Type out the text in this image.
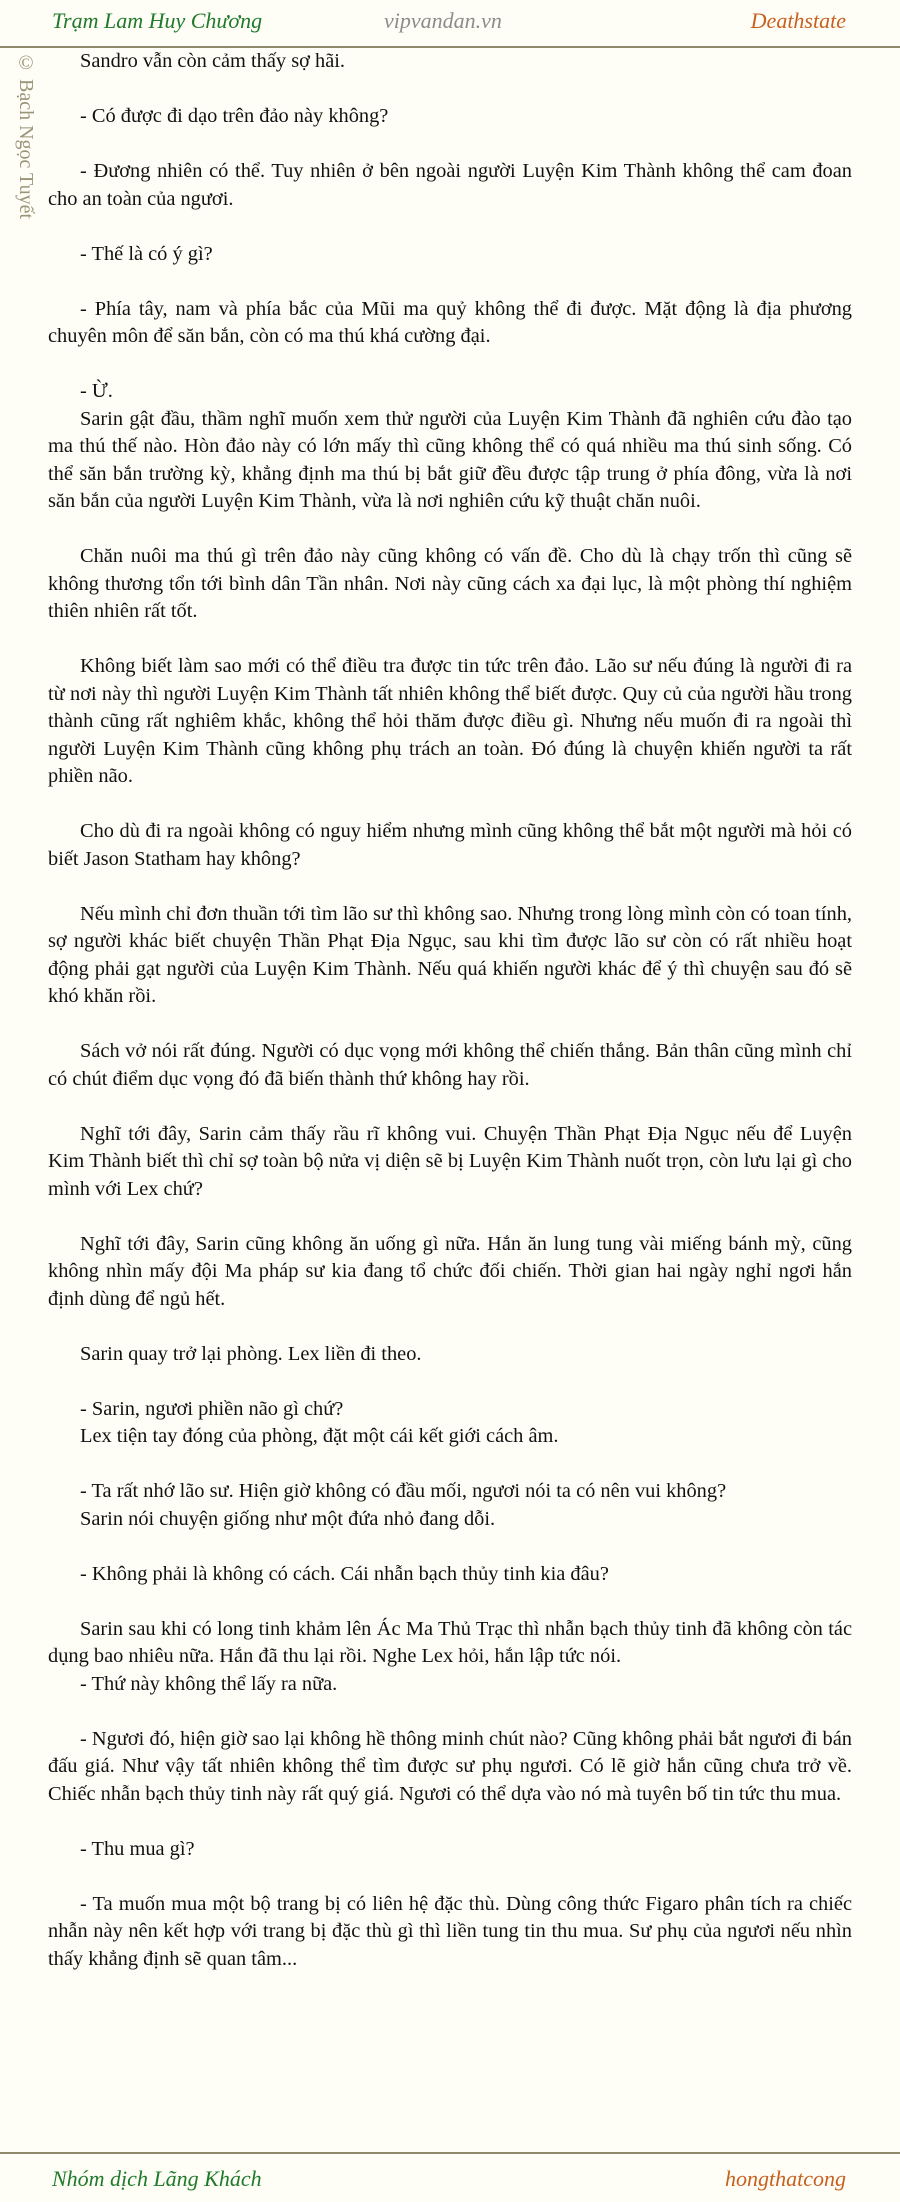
Trạm Lam Huy Chương	vipvandan.vn	Deathstate
© Bạch Ngọc Tuyết	Sandro vẫn còn cảm thấy sợ hãi.

- Có được đi dạo trên đảo này không?

- Đương nhiên có thể. Tuy nhiên ở bên ngoài người Luyện Kim Thành không thể cam đoan cho an toàn của ngươi.

- Thế là có ý gì?

- Phía tây, nam và phía bắc của Mũi ma quỷ không thể đi được. Mặt động là địa phương chuyên môn để săn bắn, còn có ma thú khá cường đại.

- Ừ.

Sarin gật đầu, thầm nghĩ muốn xem thử người của Luyện Kim Thành đã nghiên cứu đào tạo ma thú thế nào. Hòn đảo này có lớn mấy thì cũng không thể có quá nhiều ma thú sinh sống. Có thể săn bắn trường kỳ, khẳng định ma thú bị bắt giữ đều được tập trung ở phía đông, vừa là nơi săn bắn của người Luyện Kim Thành, vừa là nơi nghiên cứu kỹ thuật chăn nuôi.

Chăn nuôi ma thú gì trên đảo này cũng không có vấn đề. Cho dù là chạy trốn thì cũng sẽ không thương tổn tới bình dân Tần nhân. Nơi này cũng cách xa đại lục, là một phòng thí nghiệm thiên nhiên rất tốt.

Không biết làm sao mới có thể điều tra được tin tức trên đảo. Lão sư nếu đúng là người đi ra từ nơi này thì người Luyện Kim Thành tất nhiên không thể biết được. Quy củ của người hầu trong thành cũng rất nghiêm khắc, không thể hỏi thăm được điều gì. Nhưng nếu muốn đi ra ngoài thì người Luyện Kim Thành cũng không phụ trách an toàn. Đó đúng là chuyện khiến người ta rất phiền não.

Cho dù đi ra ngoài không có nguy hiểm nhưng mình cũng không thể bắt một người mà hỏi có biết Jason Statham hay không?

Nếu mình chỉ đơn thuần tới tìm lão sư thì không sao. Nhưng trong lòng mình còn có toan tính, sợ người khác biết chuyện Thần Phạt Địa Ngục, sau khi tìm được lão sư còn có rất nhiều hoạt động phải gạt người của Luyện Kim Thành. Nếu quá khiến người khác để ý thì chuyện sau đó sẽ khó khăn rồi.

Sách vở nói rất đúng. Người có dục vọng mới không thể chiến thắng. Bản thân cũng mình chỉ có chút điểm dục vọng đó đã biến thành thứ không hay rồi.

Nghĩ tới đây, Sarin cảm thấy rầu rĩ không vui. Chuyện Thần Phạt Địa Ngục nếu để Luyện Kim Thành biết thì chỉ sợ toàn bộ nửa vị diện sẽ bị Luyện Kim Thành nuốt trọn, còn lưu lại gì cho mình với Lex chứ?

Nghĩ tới đây, Sarin cũng không ăn uống gì nữa. Hắn ăn lung tung vài miếng bánh mỳ, cũng không nhìn mấy đội Ma pháp sư kia đang tổ chức đối chiến. Thời gian hai ngày nghỉ ngơi hắn định dùng để ngủ hết.

Sarin quay trở lại phòng. Lex liền đi theo.

- Sarin, ngươi phiền não gì chứ?

Lex tiện tay đóng của phòng, đặt một cái kết giới cách âm.

- Ta rất nhớ lão sư. Hiện giờ không có đầu mối, ngươi nói ta có nên vui không?

Sarin nói chuyện giống như một đứa nhỏ đang dỗi.

- Không phải là không có cách. Cái nhẫn bạch thủy tinh kia đâu?

Sarin sau khi có long tinh khảm lên Ác Ma Thủ Trạc thì nhẫn bạch thủy tinh đã không còn tác dụng bao nhiêu nữa. Hắn đã thu lại rồi. Nghe Lex hỏi, hắn lập tức nói.

- Thứ này không thể lấy ra nữa.

- Ngươi đó, hiện giờ sao lại không hề thông minh chút nào? Cũng không phải bắt ngươi đi bán đấu giá. Như vậy tất nhiên không thể tìm được sư phụ ngươi. Có lẽ giờ hắn cũng chưa trở về. Chiếc nhẫn bạch thủy tinh này rất quý giá. Ngươi có thể dựa vào nó mà tuyên bố tin tức thu mua.

- Thu mua gì?

- Ta muốn mua một bộ trang bị có liên hệ đặc thù. Dùng công thức Figaro phân tích ra chiếc nhẫn này nên kết hợp với trang bị đặc thù gì thì liền tung tin thu mua. Sư phụ của ngươi nếu nhìn thấy khẳng định sẽ quan tâm...

Nhóm dịch Lãng Khách	hongthatcong
